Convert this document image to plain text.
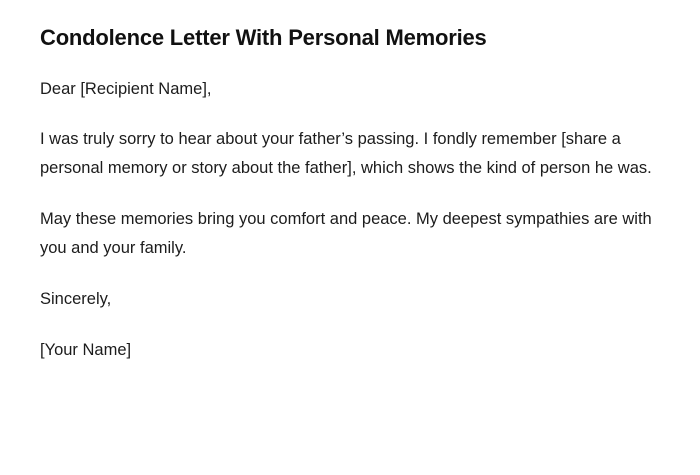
Condolence Letter With Personal Memories

Dear [Recipient Name],

I was truly sorry to hear about your father’s passing. I fondly remember [share a personal memory or story about the father], which shows the kind of person he was.

May these memories bring you comfort and peace. My deepest sympathies are with you and your family.

Sincerely,

[Your Name]
